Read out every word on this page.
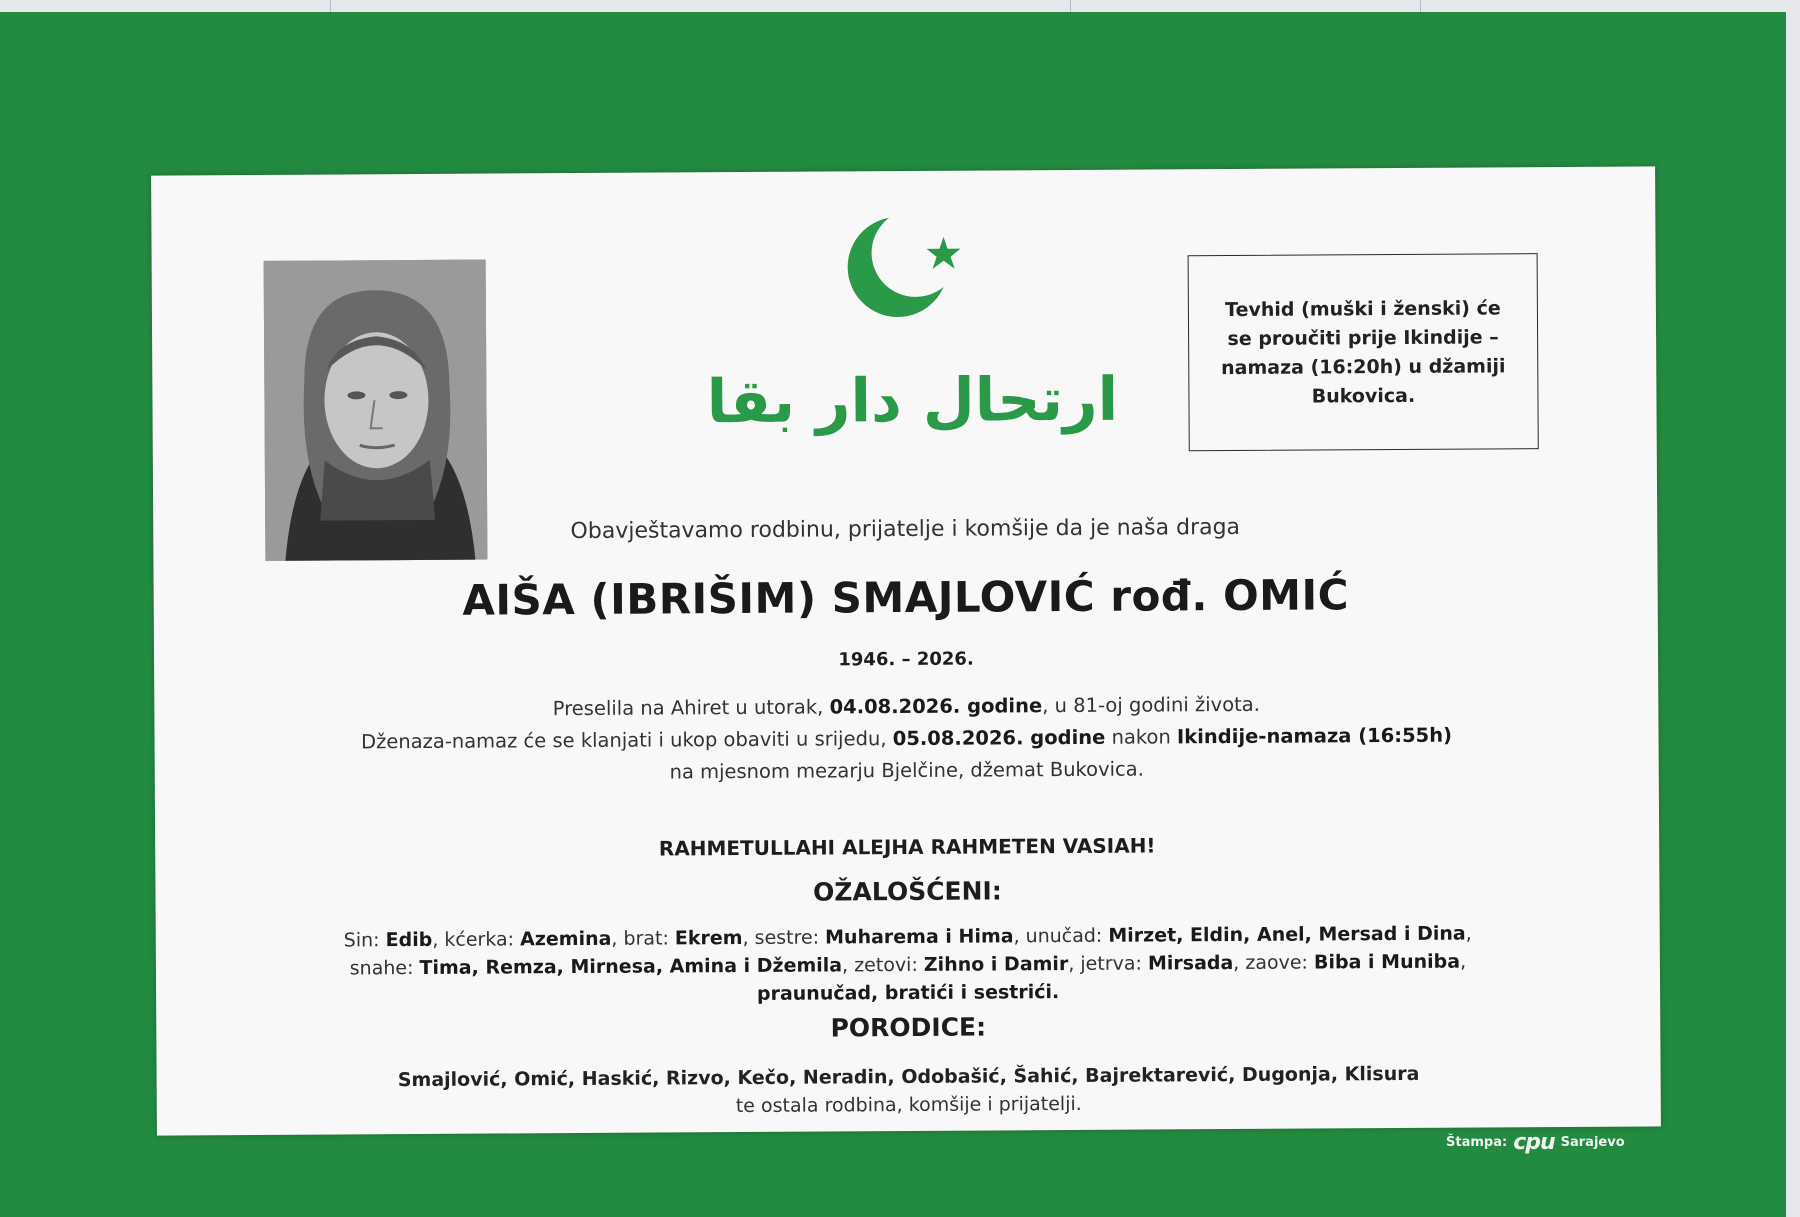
ارتحال دار بقا

Tevhid (muški i ženski) će se proučiti prije Ikindije – namaza (16:20h) u džamiji Bukovica.

Obavještavamo rodbinu, prijatelje i komšije da je naša draga
AIŠA (IBRIŠIM) SMAJLOVIĆ rođ. OMIĆ
1946. – 2026.
Preselila na Ahiret u utorak, 04.08.2026. godine, u 81-oj godini života.
Dženaza-namaz će se klanjati i ukop obaviti u srijedu, 05.08.2026. godine nakon Ikindije-namaza (16:55h)
na mjesnom mezarju Bjelčine, džemat Bukovica.
RAHMETULLAHI ALEJHA RAHMETEN VASIAH!
OŽALOŠĆENI:
Sin: Edib, kćerka: Azemina, brat: Ekrem, sestre: Muharema i Hima, unučad: Mirzet, Eldin, Anel, Mersad i Dina,
snahe: Tima, Remza, Mirnesa, Amina i Džemila, zetovi: Zihno i Damir, jetrva: Mirsada, zaove: Biba i Muniba,
praunučad, bratići i sestrići.
PORODICE:
Smajlović, Omić, Haskić, Rizvo, Kečo, Neradin, Odobašić, Šahić, Bajrektarević, Dugonja, Klisura
te ostala rodbina, komšije i prijatelji.
Štampa: cpu Sarajevo
